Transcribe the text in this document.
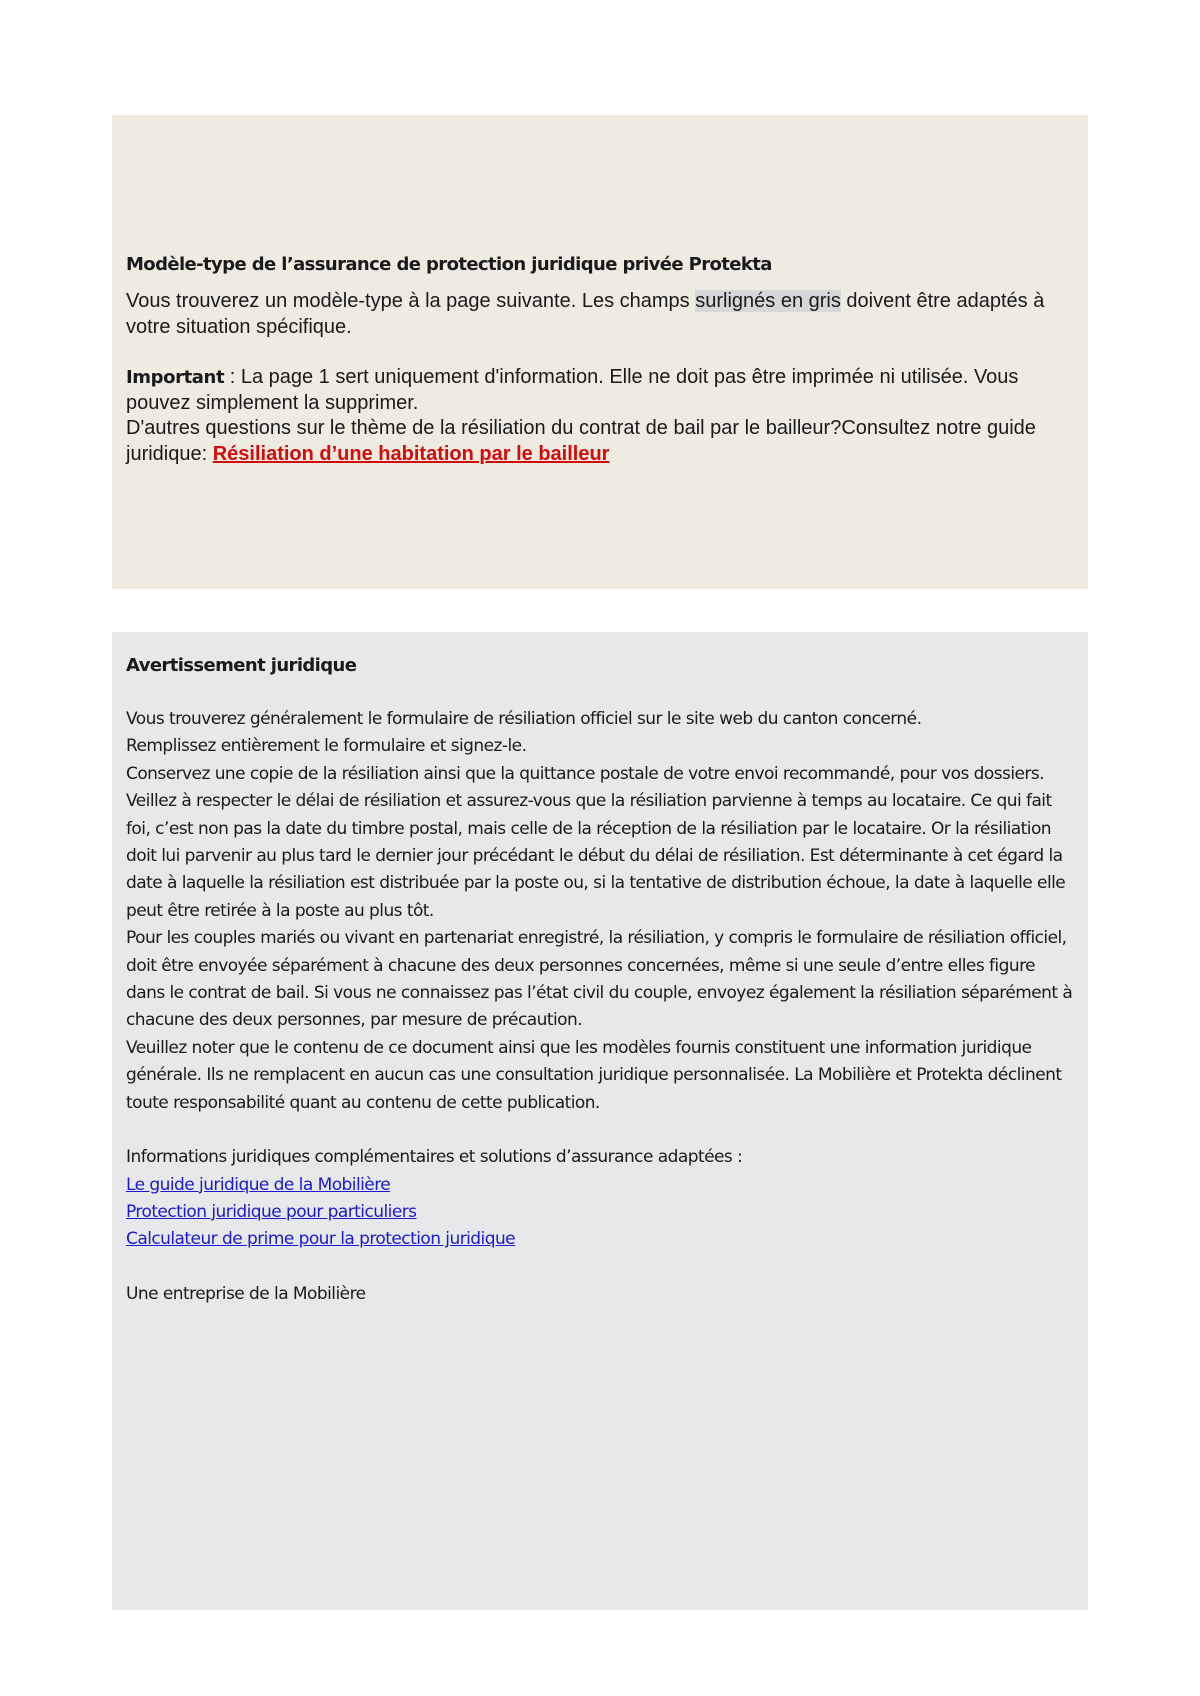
Modèle-type de l’assurance de protection juridique privée Protekta

Vous trouverez un modèle-type à la page suivante. Les champs surlignés en gris doivent être adaptés à votre situation spécifique.

Important : La page 1 sert uniquement d'information. Elle ne doit pas être imprimée ni utilisée. Vous pouvez simplement la supprimer.

D'autres questions sur le thème de la résiliation du contrat de bail par le bailleur?Consultez notre guide juridique: Résiliation d’une habitation par le bailleur

Avertissement juridique

Vous trouverez généralement le formulaire de résiliation officiel sur le site web du canton concerné.

Remplissez entièrement le formulaire et signez-le.

Conservez une copie de la résiliation ainsi que la quittance postale de votre envoi recommandé, pour vos dossiers.

Veillez à respecter le délai de résiliation et assurez-vous que la résiliation parvienne à temps au locataire. Ce qui fait foi, c’est non pas la date du timbre postal, mais celle de la réception de la résiliation par le locataire. Or la résiliation doit lui parvenir au plus tard le dernier jour précédant le début du délai de résiliation. Est déterminante à cet égard la date à laquelle la résiliation est distribuée par la poste ou, si la tentative de distribution échoue, la date à laquelle elle peut être retirée à la poste au plus tôt.

Pour les couples mariés ou vivant en partenariat enregistré, la résiliation, y compris le formulaire de résiliation officiel, doit être envoyée séparément à chacune des deux personnes concernées, même si une seule d’entre elles figure dans le contrat de bail. Si vous ne connaissez pas l’état civil du couple, envoyez également la résiliation séparément à chacune des deux personnes, par mesure de précaution.

Veuillez noter que le contenu de ce document ainsi que les modèles fournis constituent une information juridique générale. Ils ne remplacent en aucun cas une consultation juridique personnalisée. La Mobilière et Protekta déclinent toute responsabilité quant au contenu de cette publication.

Informations juridiques complémentaires et solutions d’assurance adaptées :

Le guide juridique de la Mobilière
Protection juridique pour particuliers
Calculateur de prime pour la protection juridique

Une entreprise de la Mobilière
